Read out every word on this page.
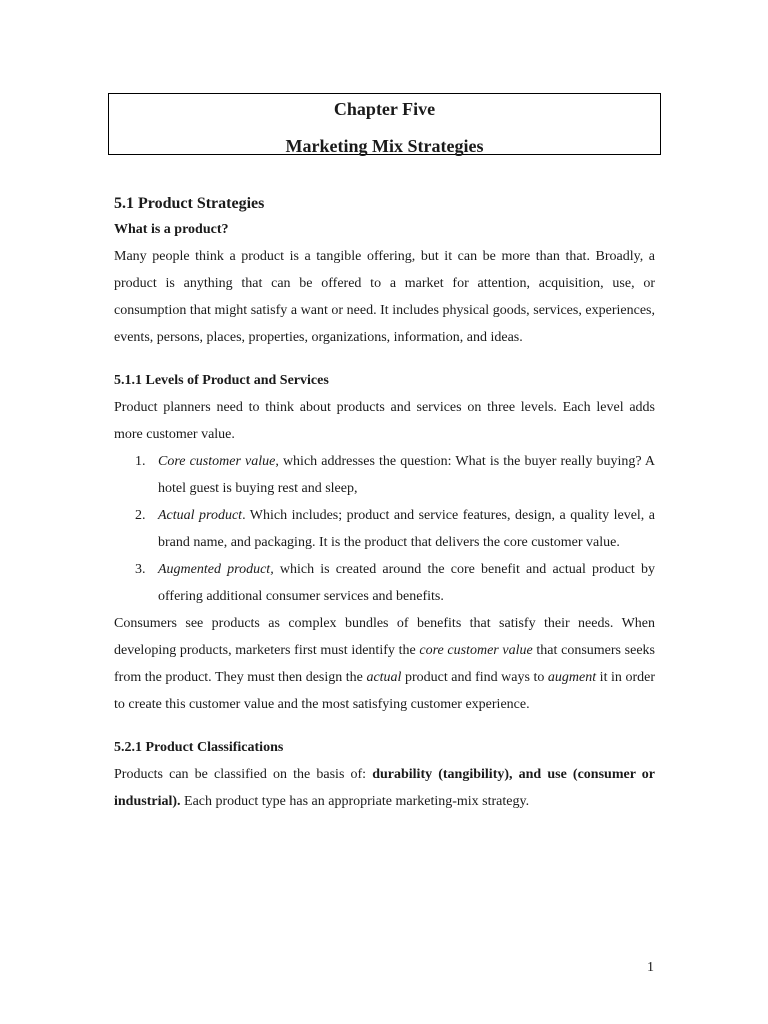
Chapter Five
Marketing Mix Strategies
5.1 Product Strategies
What is a product?

Many people think a product is a tangible offering, but it can be more than that. Broadly, a product is anything that can be offered to a market for attention, acquisition, use, or consumption that might satisfy a want or need. It includes physical goods, services, experiences, events, persons, places, properties, organizations, information, and ideas.

5.1.1 Levels of Product and Services

Product planners need to think about products and services on three levels. Each level adds more customer value.

1. Core customer value, which addresses the question: What is the buyer really buying? A hotel guest is buying rest and sleep,
2. Actual product. Which includes; product and service features, design, a quality level, a brand name, and packaging. It is the product that delivers the core customer value.
3. Augmented product, which is created around the core benefit and actual product by offering additional consumer services and benefits.

Consumers see products as complex bundles of benefits that satisfy their needs. When developing products, marketers first must identify the core customer value that consumers seeks from the product. They must then design the actual product and find ways to augment it in order to create this customer value and the most satisfying customer experience.

5.2.1 Product Classifications

Products can be classified on the basis of: durability (tangibility), and use (consumer or industrial). Each product type has an appropriate marketing-mix strategy.

1
